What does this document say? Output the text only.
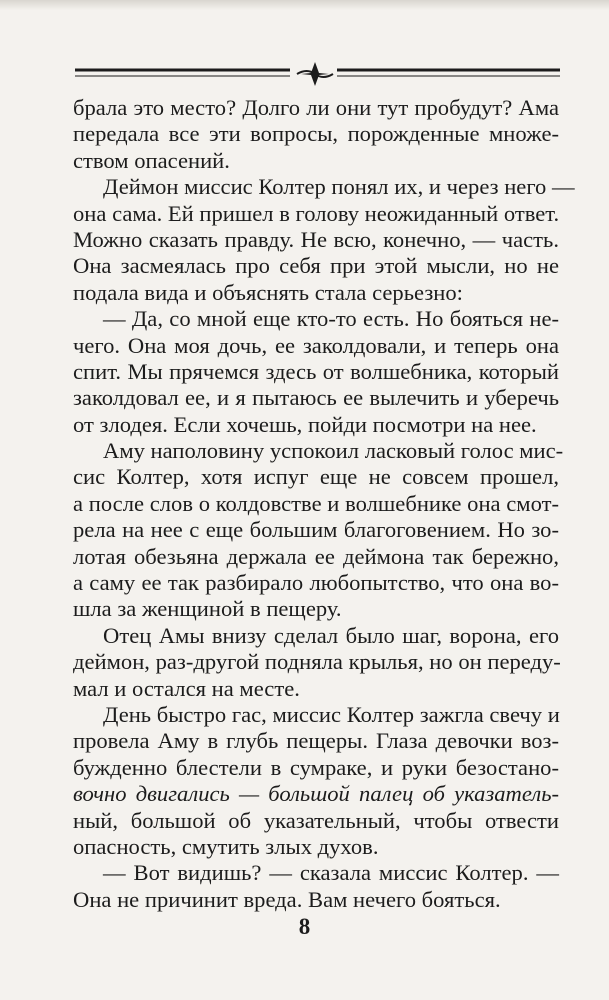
брала это место? Долго ли они тут пробудут? Ама
передала все эти вопросы, порожденные множе-
ством опасений.
Деймон миссис Колтер понял их, и через него —
она сама. Ей пришел в голову неожиданный ответ.
Можно сказать правду. Не всю, конечно, — часть.
Она засмеялась про себя при этой мысли, но не
подала вида и объяснять стала серьезно:
— Да, со мной еще кто-то есть. Но бояться не-
чего. Она моя дочь, ее заколдовали, и теперь она
спит. Мы прячемся здесь от волшебника, который
заколдовал ее, и я пытаюсь ее вылечить и уберечь
от злодея. Если хочешь, пойди посмотри на нее.
Аму наполовину успокоил ласковый голос мис-
сис Колтер, хотя испуг еще не совсем прошел,
а после слов о колдовстве и волшебнике она смот-
рела на нее с еще большим благоговением. Но зо-
лотая обезьяна держала ее деймона так бережно,
а саму ее так разбирало любопытство, что она во-
шла за женщиной в пещеру.
Отец Амы внизу сделал было шаг, ворона, его
деймон, раз-другой подняла крылья, но он переду-
мал и остался на месте.
День быстро гас, миссис Колтер зажгла свечу и
провела Аму в глубь пещеры. Глаза девочки воз-
бужденно блестели в сумраке, и руки безостано-
вочно двигались — большой палец об указатель-
ный, большой об указательный, чтобы отвести
опасность, смутить злых духов.
— Вот видишь? — сказала миссис Колтер. —
Она не причинит вреда. Вам нечего бояться.
8
